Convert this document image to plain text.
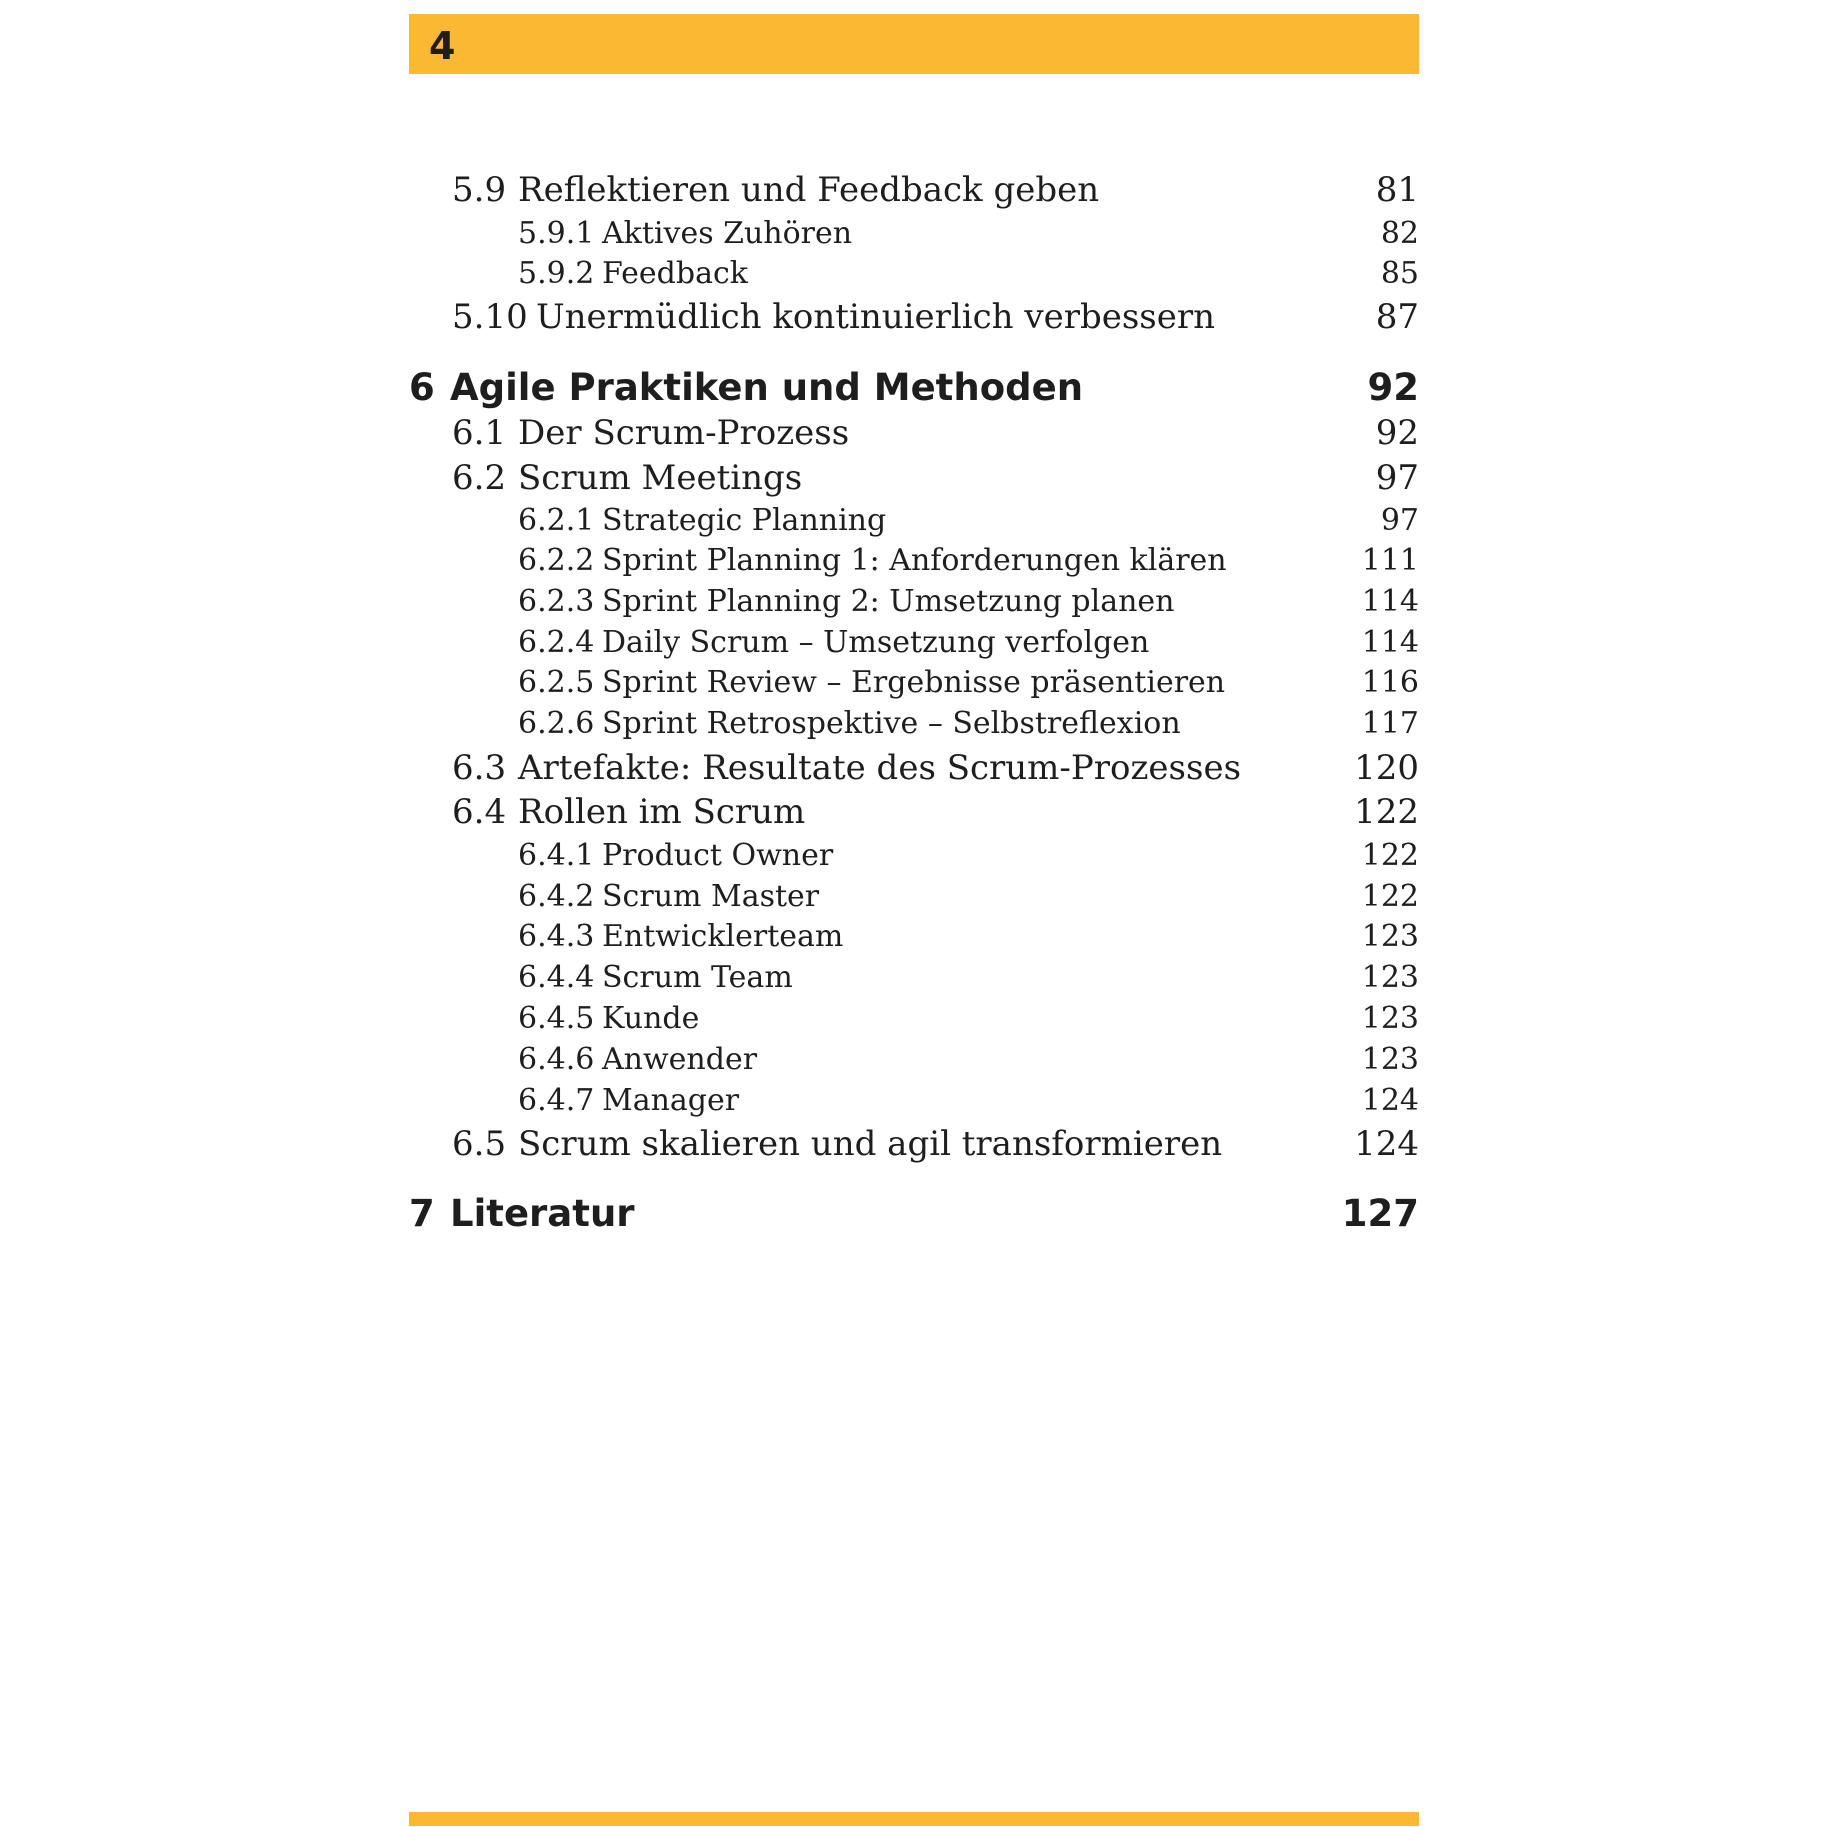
4
5.9 Reflektieren und Feedback geben	81
5.9.1 Aktives Zuhören	82
5.9.2 Feedback	85
5.10 Unermüdlich kontinuierlich verbessern	87
6 Agile Praktiken und Methoden	92
6.1 Der Scrum-Prozess	92
6.2 Scrum Meetings	97
6.2.1 Strategic Planning	97
6.2.2 Sprint Planning 1: Anforderungen klären	111
6.2.3 Sprint Planning 2: Umsetzung planen	114
6.2.4 Daily Scrum – Umsetzung verfolgen	114
6.2.5 Sprint Review – Ergebnisse präsentieren	116
6.2.6 Sprint Retrospektive – Selbstreflexion	117
6.3 Artefakte: Resultate des Scrum-Prozesses	120
6.4 Rollen im Scrum	122
6.4.1 Product Owner	122
6.4.2 Scrum Master	122
6.4.3 Entwicklerteam	123
6.4.4 Scrum Team	123
6.4.5 Kunde	123
6.4.6 Anwender	123
6.4.7 Manager	124
6.5 Scrum skalieren und agil transformieren	124
7 Literatur	127
